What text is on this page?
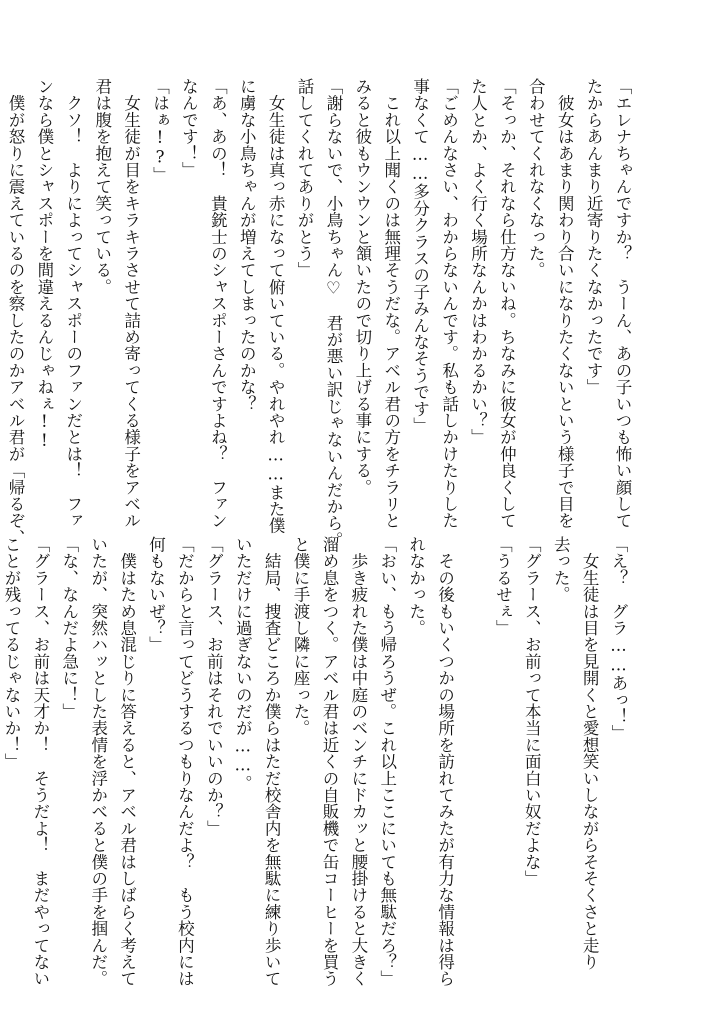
「エレナちゃんですか？　うーん、あの子いつも怖い顔して
たからあんまり近寄りたくなかったです」
　彼女はあまり関わり合いになりたくないという様子で目を
合わせてくれなくなった。
「そっか、それなら仕方ないね。ちなみに彼女が仲良くして
た人とか、よく行く場所なんかはわかるかい？」
「ごめんなさい、わからないんです。私も話しかけたりした
事なくて……多分クラスの子みんなそうです」
　これ以上聞くのは無理そうだな。アベル君の方をチラリと
みると彼もウンウンと頷いたので切り上げる事にする。
「謝らないで、小鳥ちゃん♡　君が悪い訳じゃないんだから。
話してくれてありがとう」
　女生徒は真っ赤になって俯いている。やれやれ……また僕
に虜な小鳥ちゃんが増えてしまったのかな？
「あ、あの！　貴銃士のシャスポーさんですよね？　ファン
なんです！」
「はぁ!?」
　女生徒が目をキラキラさせて詰め寄ってくる様子をアベル
君は腹を抱えて笑っている。
　クソ！　よりによってシャスポーのファンだとは！　ファ
ンなら僕とシャスポーを間違えるんじゃねぇ!!
　僕が怒りに震えているのを察したのかアベル君が「帰るぞ、
「え？　グラ……あっ！」
　女生徒は目を見開くと愛想笑いしながらそそくさと走り
去った。
「グラース、お前って本当に面白い奴だよな」
「うるせぇ」

　その後もいくつかの場所を訪れてみたが有力な情報は得ら
れなかった。
「おい、もう帰ろうぜ。これ以上ここにいても無駄だろ？」
　歩き疲れた僕は中庭のベンチにドカッと腰掛けると大きく
溜め息をつく。アベル君は近くの自販機で缶コーヒーを買う
と僕に手渡し隣に座った。
　結局、捜査どころか僕らはただ校舎内を無駄に練り歩いて
いただけに過ぎないのだが……。
「グラース、お前はそれでいいのか？」
「だからと言ってどうするつもりなんだよ？　もう校内には
何もないぜ？」
　僕はため息混じりに答えると、アベル君はしばらく考えて
いたが、突然ハッとした表情を浮かべると僕の手を掴んだ。
「な、なんだよ急に！」
「グラース、お前は天才か！　そうだよ！　まだやってない
ことが残ってるじゃないか！」
